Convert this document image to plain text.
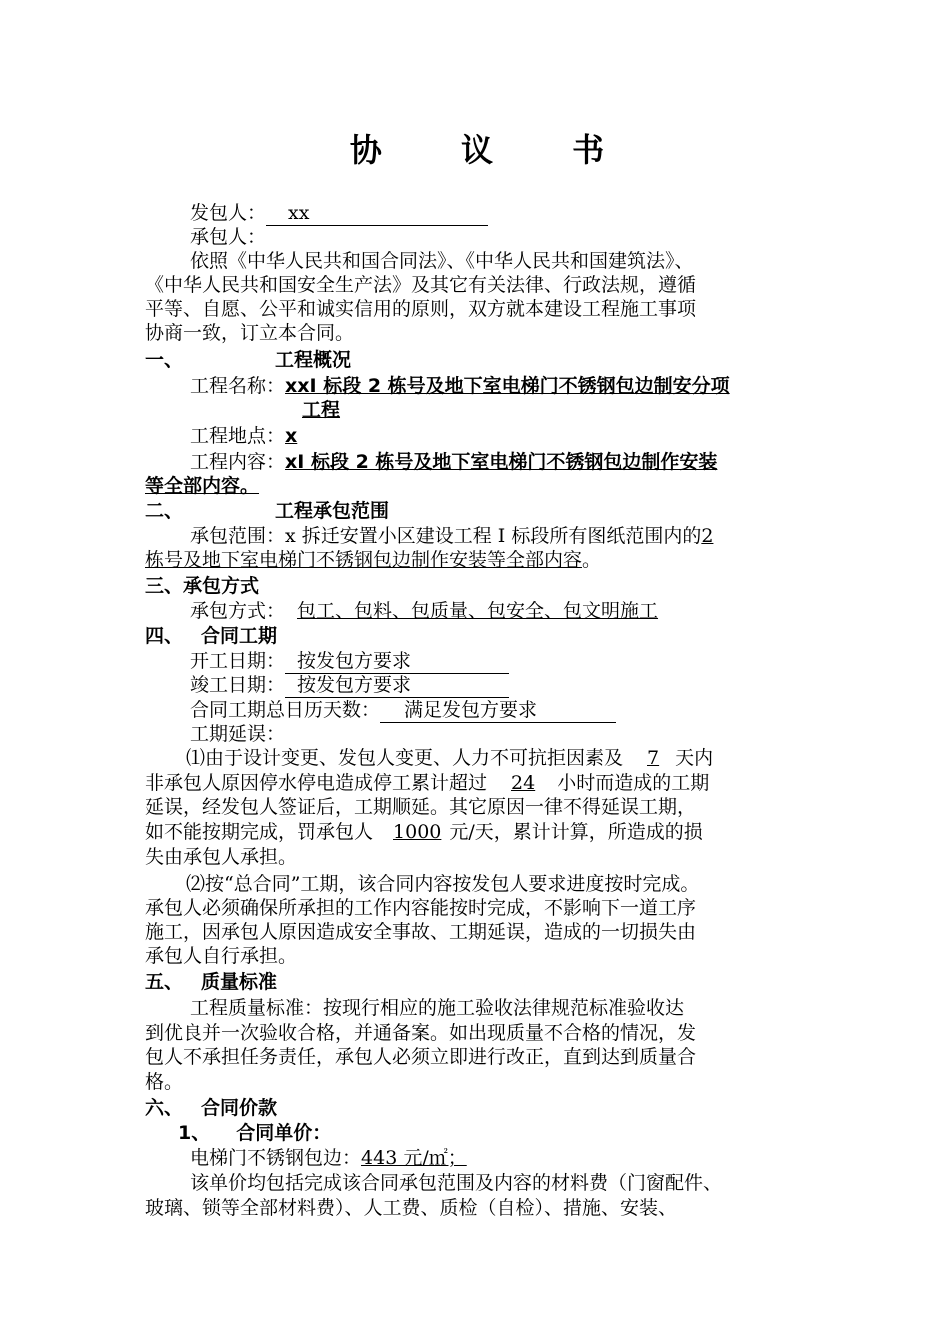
协 议 书
发包人： xx
承包人：
依照《中华人民共和国合同法》、《中华人民共和国建筑法》、
《中华人民共和国安全生产法》及其它有关法律、行政法规，遵循
平等、自愿、公平和诚实信用的原则，双方就本建设工程施工事项
协商一致，订立本合同。
一、	工程概况
工程名称：xxI 标段 2 栋号及地下室电梯门不锈钢包边制安分项
工程
工程地点：x
工程内容：xI 标段 2 栋号及地下室电梯门不锈钢包边制作安装
等全部内容。
二、	工程承包范围
承包范围：x 拆迁安置小区建设工程 I 标段所有图纸范围内的2
栋号及地下室电梯门不锈钢包边制作安装等全部内容。
三、承包方式
承包方式： 包工、包料、包质量、包安全、包文明施工
四、 合同工期
开工日期： 按发包方要求
竣工日期： 按发包方要求
合同工期总日历天数： 满足发包方要求
工期延误：
⑴由于设计变更、发包人变更、人力不可抗拒因素及 7 天内
非承包人原因停水停电造成停工累计超过 24 小时而造成的工期
延误，经发包人签证后，工期顺延。其它原因一律不得延误工期，
如不能按期完成，罚承包人 1000 元/天，累计计算，所造成的损
失由承包人承担。
⑵按“总合同”工期，该合同内容按发包人要求进度按时完成。
承包人必须确保所承担的工作内容能按时完成，不影响下一道工序
施工，因承包人原因造成安全事故、工期延误，造成的一切损失由
承包人自行承担。
五、 质量标准
工程质量标准：按现行相应的施工验收法律规范标准验收达
到优良并一次验收合格，并通备案。如出现质量不合格的情况，发
包人不承担任务责任，承包人必须立即进行改正，直到达到质量合
格。
六、 合同价款
1、 合同单价：
电梯门不锈钢包边：443 元/㎡；
该单价均包括完成该合同承包范围及内容的材料费（门窗配件、
玻璃、锁等全部材料费）、人工费、质检（自检）、措施、安装、
